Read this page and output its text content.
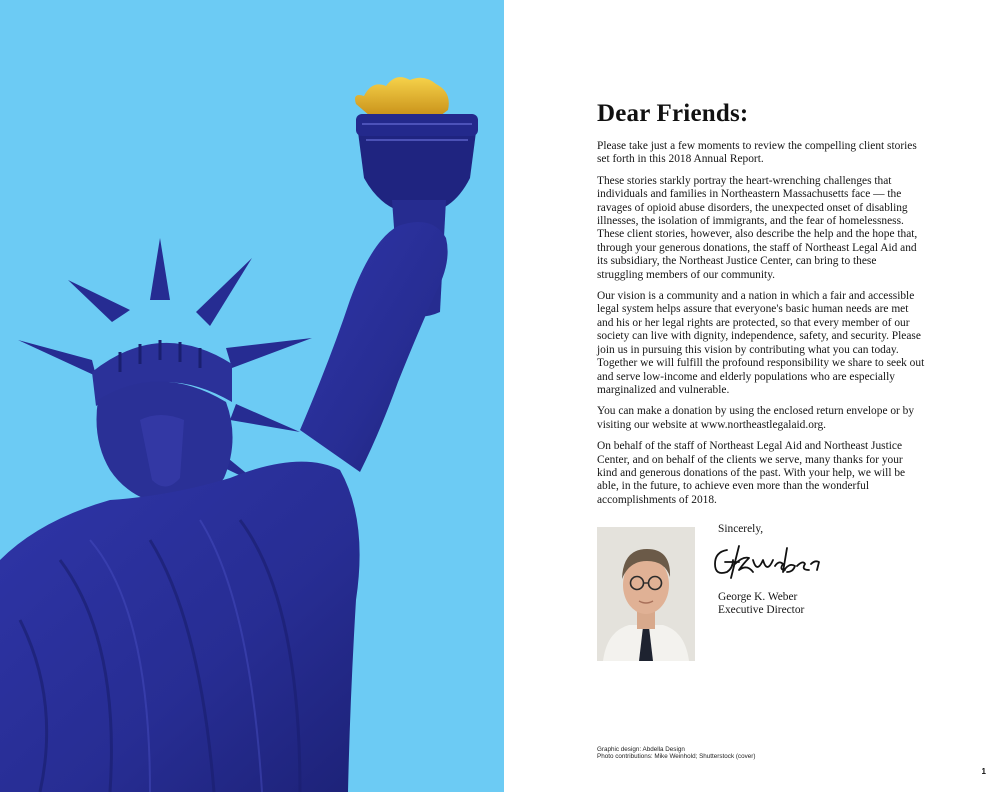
Dear Friends:

Please take just a few moments to review the compelling client stories set forth in this 2018 Annual Report.

These stories starkly portray the heart-wrenching challenges that individuals and families in Northeastern Massachusetts face — the ravages of opioid abuse disorders, the unexpected onset of disabling illnesses, the isolation of immigrants, and the fear of homelessness. These client stories, however, also describe the help and the hope that, through your generous donations, the staff of Northeast Legal Aid and its subsidiary, the Northeast Justice Center, can bring to these struggling members of our community.

Our vision is a community and a nation in which a fair and accessible legal system helps assure that everyone's basic human needs are met and his or her legal rights are protected, so that every member of our society can live with dignity, independence, safety, and security. Please join us in pursuing this vision by contributing what you can today. Together we will fulfill the profound responsibility we share to seek out and serve low-income and elderly populations who are especially marginalized and vulnerable.

You can make a donation by using the enclosed return envelope or by visiting our website at www.northeastlegalaid.org.

On behalf of the staff of Northeast Legal Aid and Northeast Justice Center, and on behalf of the clients we serve, many thanks for your kind and generous donations of the past. With your help, we will be able, in the future, to achieve even more than the wonderful accomplishments of 2018.

Sincerely,
George K. Weber
Executive Director
Graphic design: Abdella Design
Photo contributions: Mike Weinhold; Shutterstock (cover)
1
